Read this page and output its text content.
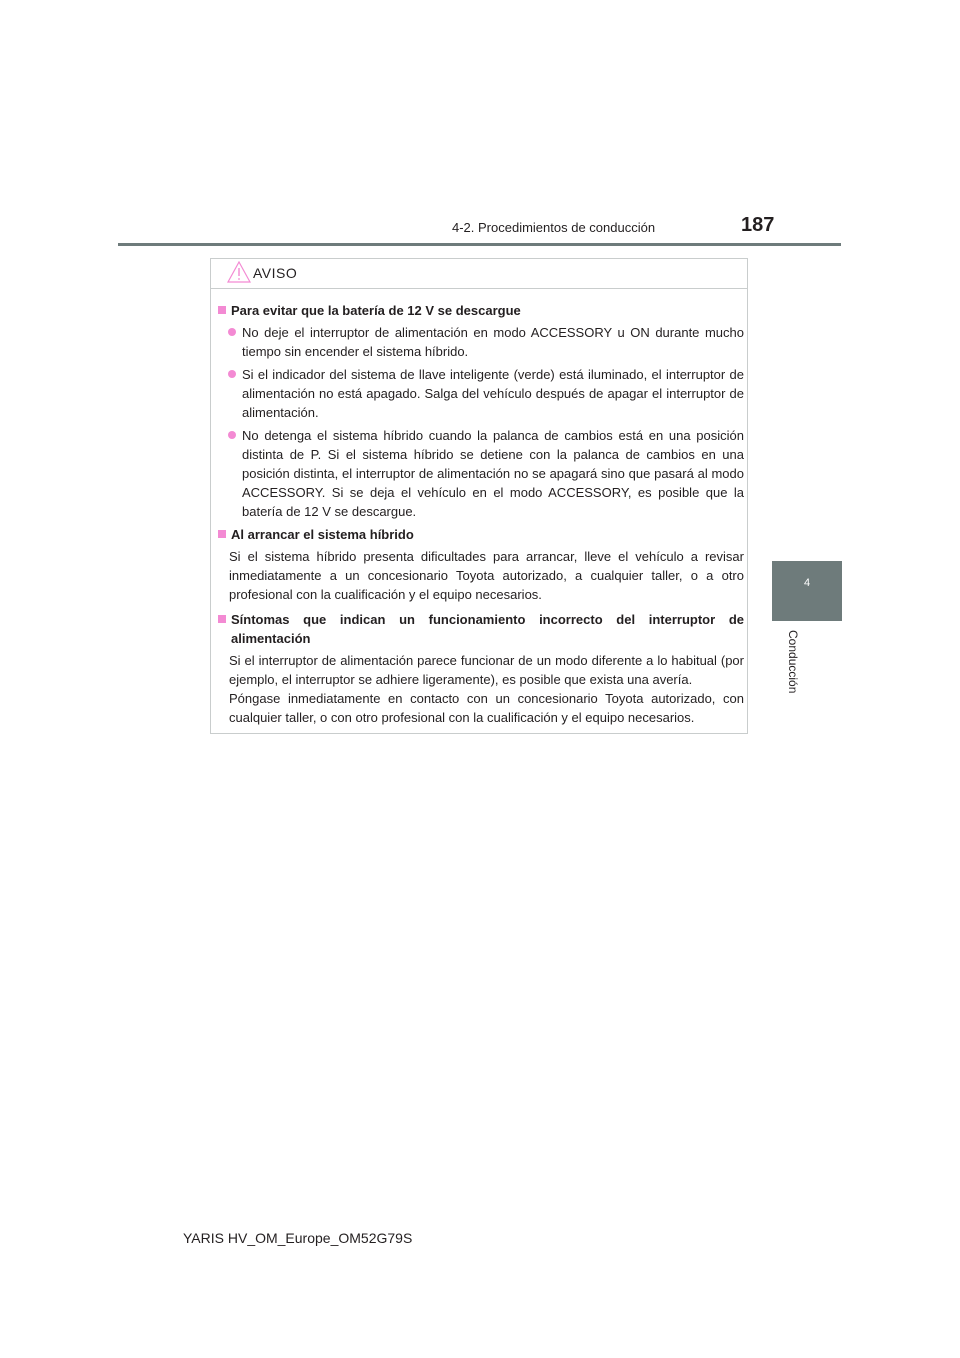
4-2. Procedimientos de conducción	187
4
Conducción
AVISO
Para evitar que la batería de 12 V se descargue
No deje el interruptor de alimentación en modo ACCESSORY u ON durante mucho tiempo sin encender el sistema híbrido.
Si el indicador del sistema de llave inteligente (verde) está iluminado, el interruptor de alimentación no está apagado. Salga del vehículo después de apagar el interruptor de alimentación.
No detenga el sistema híbrido cuando la palanca de cambios está en una posición distinta de P. Si el sistema híbrido se detiene con la palanca de cambios en una posición distinta, el interruptor de alimentación no se apagará sino que pasará al modo ACCESSORY. Si se deja el vehículo en el modo ACCESSORY, es posible que la batería de 12 V se descargue.
Al arrancar el sistema híbrido
Si el sistema híbrido presenta dificultades para arrancar, lleve el vehículo a revisar inmediatamente a un concesionario Toyota autorizado, a cualquier taller, o a otro profesional con la cualificación y el equipo necesarios.
Síntomas que indican un funcionamiento incorrecto del interruptor de alimentación
Si el interruptor de alimentación parece funcionar de un modo diferente a lo habitual (por ejemplo, el interruptor se adhiere ligeramente), es posible que exista una avería.
Póngase inmediatamente en contacto con un concesionario Toyota autorizado, con cualquier taller, o con otro profesional con la cualificación y el equipo necesarios.
YARIS HV_OM_Europe_OM52G79S
